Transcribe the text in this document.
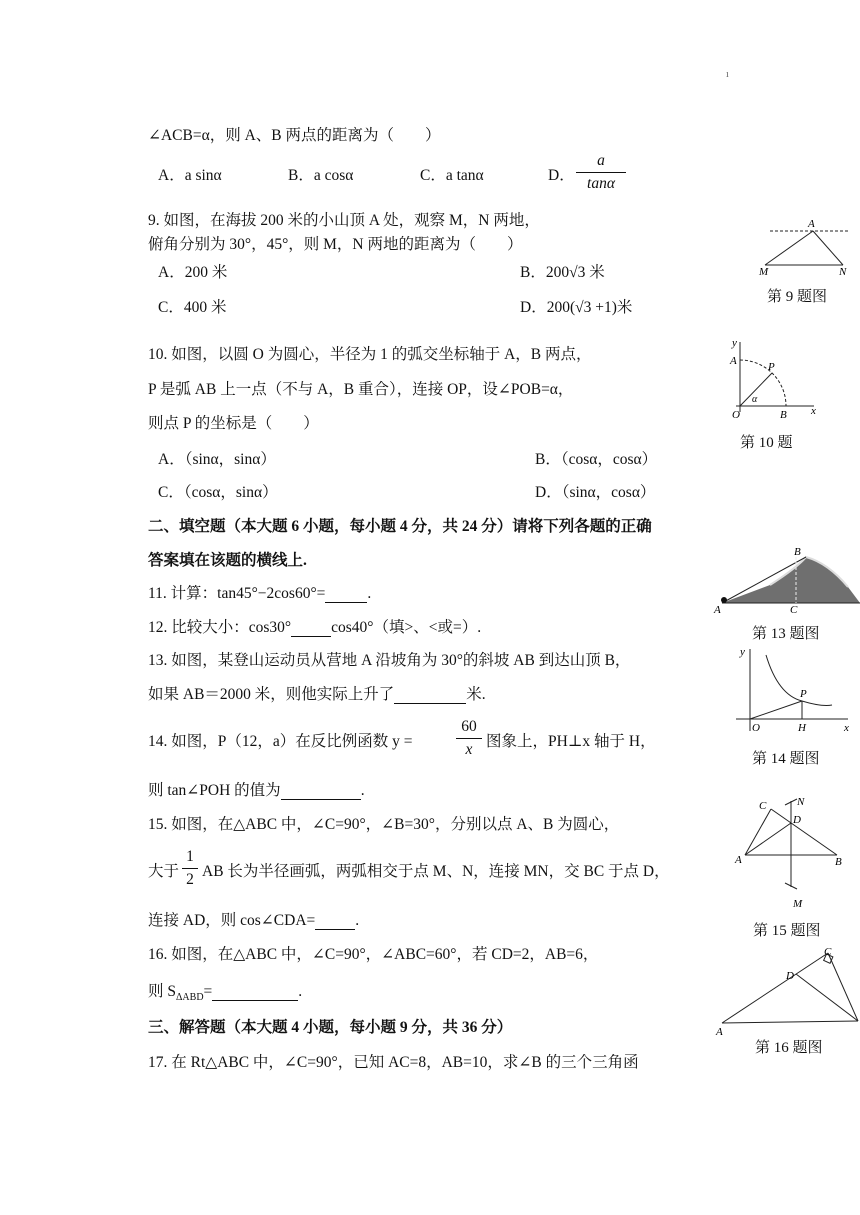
ı
∠ACB=α，则 A、B 两点的距离为（　　）
A．a sinα	B．a cosα	C．a tanα	D．
a
tanα
9. 如图，在海拔 200 米的小山顶 A 处，观察 M，N 两地，
俯角分别为 30°，45°，则 M，N 两地的距离为（　　）
A．200 米	B．200√3 米
C．400 米	D．200(√3 +1)米
A
M	N
第 9 题图
10. 如图，以圆 O 为圆心，半径为 1 的弧交坐标轴于 A，B 两点，
P 是弧 AB 上一点（不与 A，B 重合），连接 OP，设∠POB=α，
则点 P 的坐标是（　　）
A．（sinα，sinα）	B．（cosα，cosα）
C．（cosα，sinα）	D．（sinα，cosα）
y
A	P
α
O	B x
第 10 题
二、填空题（本大题 6 小题，每小题 4 分，共 24 分）请将下列各题的正确
答案填在该题的横线上.
11. 计算：tan45°−2cos60°=	.
12. 比较大小：cos30°	cos40°（填>、<或=）.
13. 如图，某登山运动员从营地 A 沿坡角为 30°的斜坡 AB 到达山顶 B，
如果 AB＝2000 米，则他实际上升了	米.
A
B
C
第 13 题图
14. 如图，P（12，a）在反比例函数 y =
60
x 图象上，PH⊥x 轴于 H，
则 tan∠POH 的值为	.
y
P
O	H	x
第 14 题图
15. 如图，在△ABC 中，∠C=90°，∠B=30°，分别以点 A、B 为圆心，
大于
1
2 AB 长为半径画弧，两弧相交于点 M、N，连接 MN，交 BC 于点 D，
连接 AD，则 cos∠CDA=	.
C	N
D
A	B
M
第 15 题图
16. 如图，在△ABC 中，∠C=90°，∠ABC=60°，若 CD=2，AB=6，
则 $S_{\Delta ABD}=$	.
C
D
A
第 16 题图
三、解答题（本大题 4 小题，每小题 9 分，共 36 分）
17. 在 Rt△ABC 中，∠C=90°，已知 AC=8，AB=10，求∠B 的三个三角函
